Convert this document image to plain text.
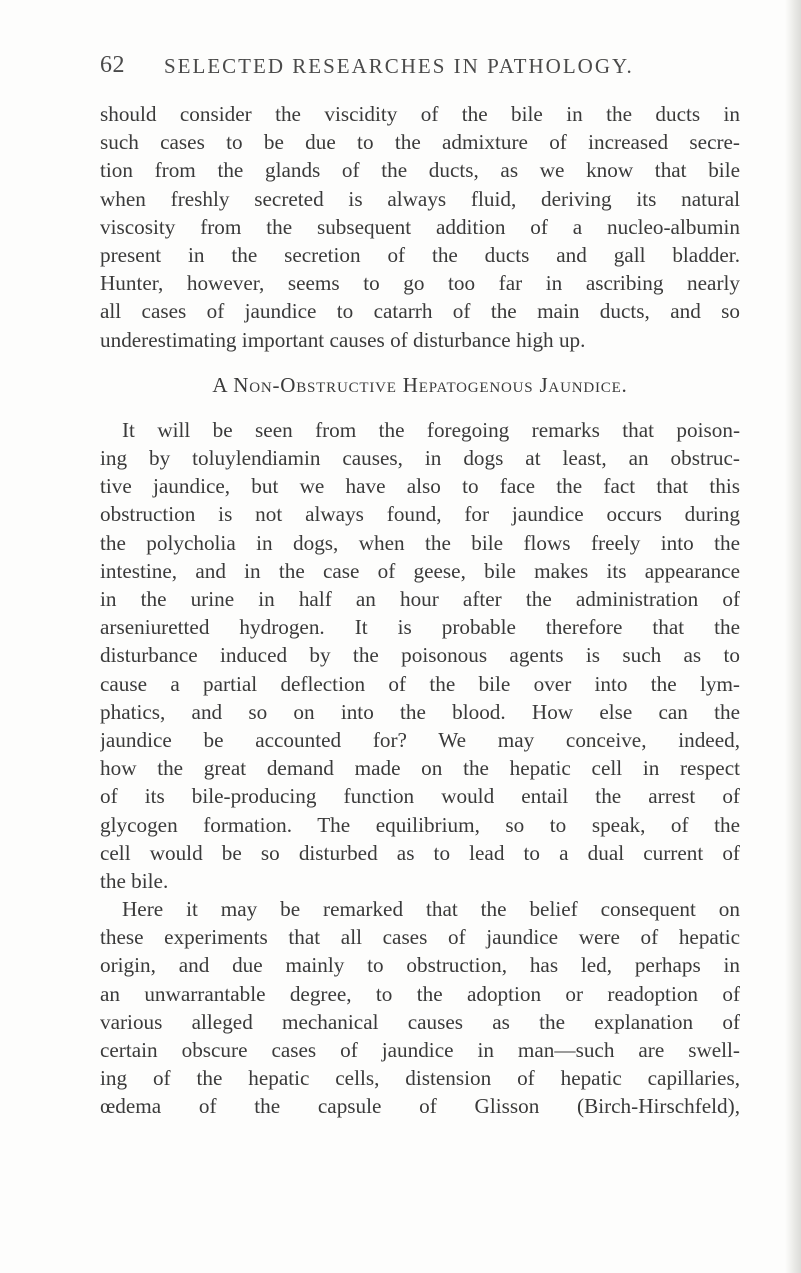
62 SELECTED RESEARCHES IN PATHOLOGY.
should consider the viscidity of the bile in the ducts in
such cases to be due to the admixture of increased secre-
tion from the glands of the ducts, as we know that bile
when freshly secreted is always fluid, deriving its natural
viscosity from the subsequent addition of a nucleo-albumin
present in the secretion of the ducts and gall bladder.
Hunter, however, seems to go too far in ascribing nearly
all cases of jaundice to catarrh of the main ducts, and so
underestimating important causes of disturbance high up.
A Non-Obstructive Hepatogenous Jaundice.
It will be seen from the foregoing remarks that poison-
ing by toluylendiamin causes, in dogs at least, an obstruc-
tive jaundice, but we have also to face the fact that this
obstruction is not always found, for jaundice occurs during
the polycholia in dogs, when the bile flows freely into the
intestine, and in the case of geese, bile makes its appearance
in the urine in half an hour after the administration of
arseniuretted hydrogen. It is probable therefore that the
disturbance induced by the poisonous agents is such as to
cause a partial deflection of the bile over into the lym-
phatics, and so on into the blood. How else can the
jaundice be accounted for? We may conceive, indeed,
how the great demand made on the hepatic cell in respect
of its bile-producing function would entail the arrest of
glycogen formation. The equilibrium, so to speak, of the
cell would be so disturbed as to lead to a dual current of
the bile.
Here it may be remarked that the belief consequent on
these experiments that all cases of jaundice were of hepatic
origin, and due mainly to obstruction, has led, perhaps in
an unwarrantable degree, to the adoption or readoption of
various alleged mechanical causes as the explanation of
certain obscure cases of jaundice in man—such are swell-
ing of the hepatic cells, distension of hepatic capillaries,
œdema of the capsule of Glisson (Birch-Hirschfeld),
